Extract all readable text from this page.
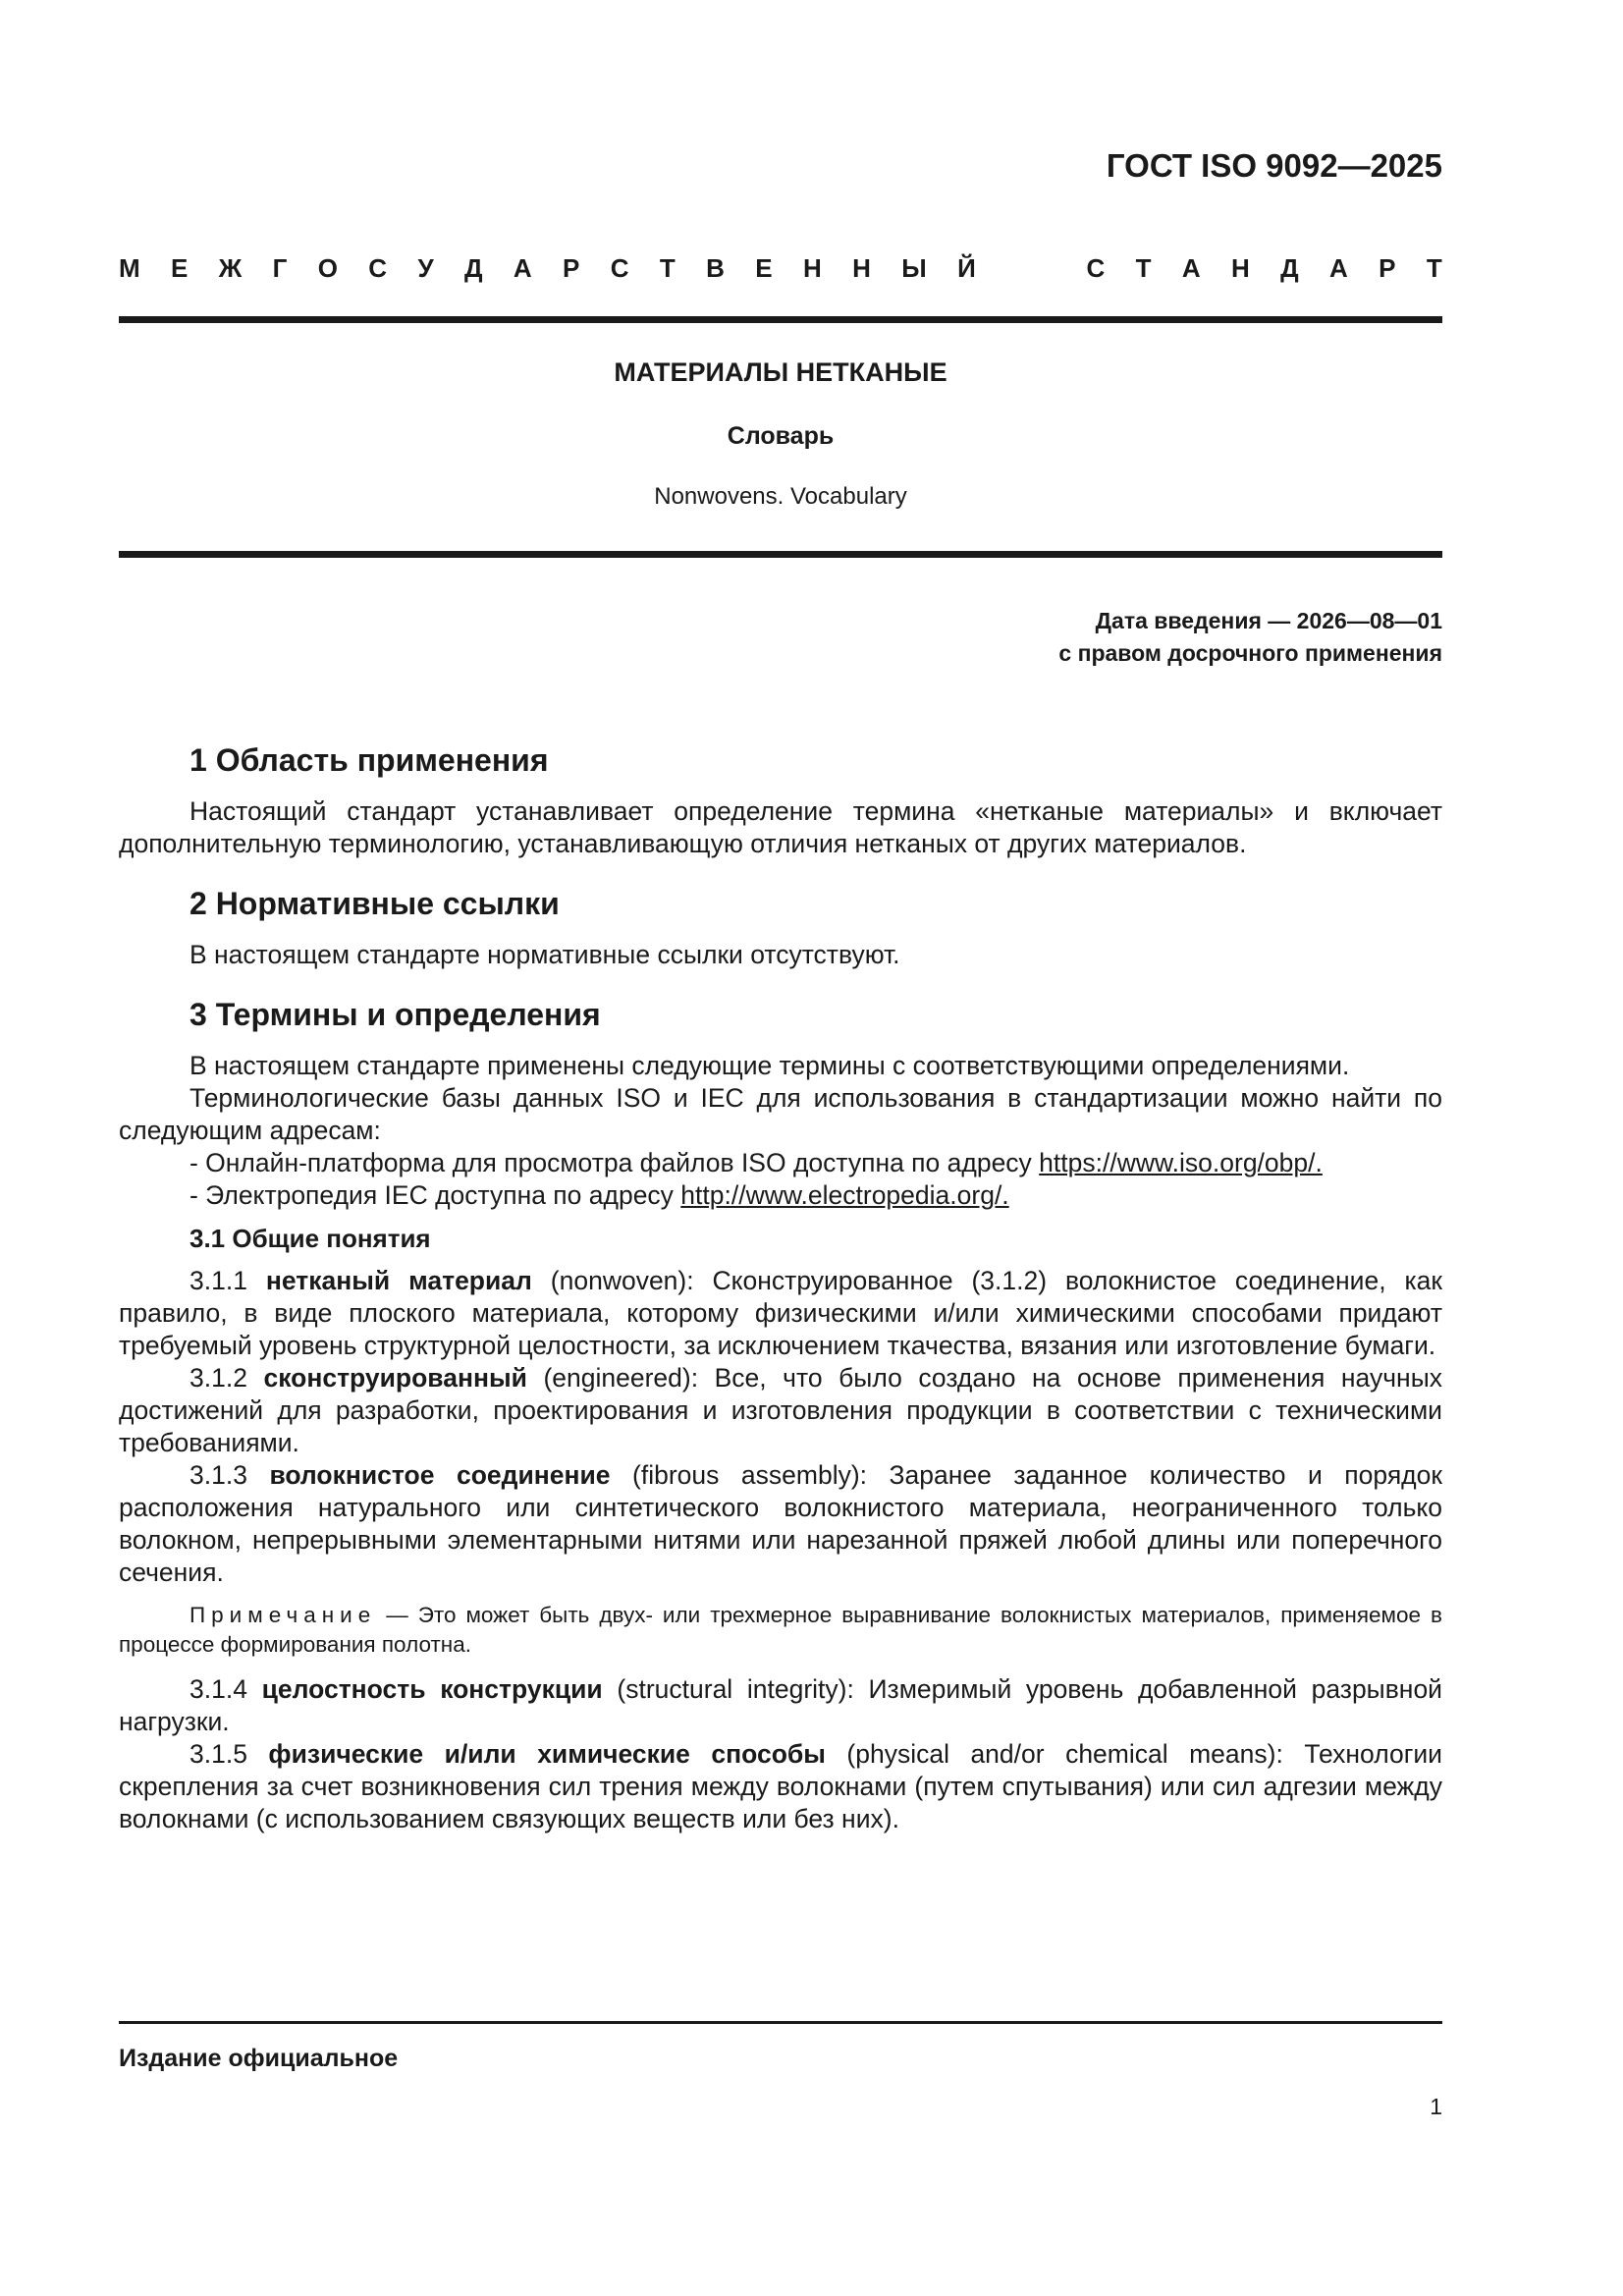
ГОСТ ISO 9092—2025
М Е Ж Г О С У Д А Р С Т В Е Н Н Ы Й	С Т А Н Д А Р Т
МАТЕРИАЛЫ НЕТКАНЫЕ
Словарь
Nonwovens. Vocabulary
Дата введения — 2026—08—01
с правом досрочного применения
1 Область применения

Настоящий стандарт устанавливает определение термина «нетканые материалы» и включает дополнительную терминологию, устанавливающую отличия нетканых от других материалов.

2 Нормативные ссылки

В настоящем стандарте нормативные ссылки отсутствуют.

3 Термины и определения

В настоящем стандарте применены следующие термины с соответствующими определениями.

Терминологические базы данных ISO и IEC для использования в стандартизации можно найти по следующим адресам:

- Онлайн-платформа для просмотра файлов ISO доступна по адресу https://www.iso.org/obp/.

- Электропедия IEC доступна по адресу http://www.electropedia.org/.

3.1 Общие понятия

3.1.1 нетканый материал (nonwoven): Сконструированное (3.1.2) волокнистое соединение, как правило, в виде плоского материала, которому физическими и/или химическими способами придают требуемый уровень структурной целостности, за исключением ткачества, вязания или изготовление бумаги.

3.1.2 сконструированный (engineered): Все, что было создано на основе применения научных достижений для разработки, проектирования и изготовления продукции в соответствии с техническими требованиями.

3.1.3 волокнистое соединение (fibrous assembly): Заранее заданное количество и порядок расположения натурального или синтетического волокнистого материала, неограниченного только волокном, непрерывными элементарными нитями или нарезанной пряжей любой длины или поперечного сечения.

Примечание — Это может быть двух- или трехмерное выравнивание волокнистых материалов, применяемое в процессе формирования полотна.

3.1.4 целостность конструкции (structural integrity): Измеримый уровень добавленной разрывной нагрузки.

3.1.5 физические и/или химические способы (physical and/or chemical means): Технологии скрепления за счет возникновения сил трения между волокнами (путем спутывания) или сил адгезии между волокнами (с использованием связующих веществ или без них).

Издание официальное
1
